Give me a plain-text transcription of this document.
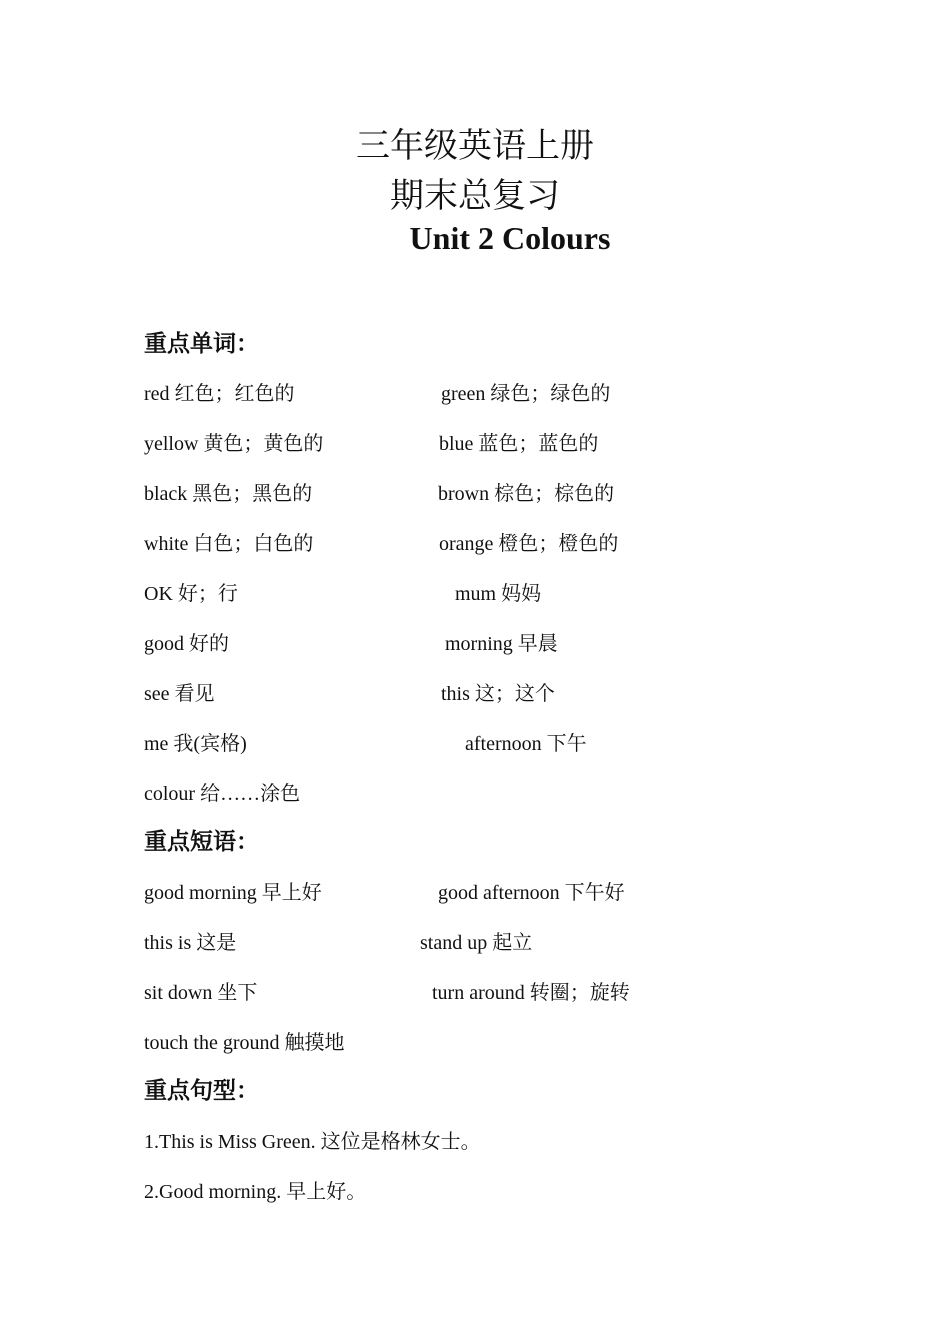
三年级英语上册
期末总复习
Unit 2 Colours
重点单词：
red 红色；红色的
yellow 黄色；黄色的
black 黑色；黑色的
white 白色；白色的
OK 好；行
good 好的
see 看见
me 我(宾格)
colour 给……涂色
green 绿色；绿色的
blue 蓝色；蓝色的
brown 棕色；棕色的
orange 橙色；橙色的
mum 妈妈
morning 早晨
this 这；这个
afternoon 下午
重点短语：
good morning 早上好
this is 这是
sit down 坐下
touch the ground 触摸地
good afternoon 下午好
stand up 起立
turn around 转圈；旋转
重点句型：
1.This is Miss Green. 这位是格林女士。
2.Good morning. 早上好。
